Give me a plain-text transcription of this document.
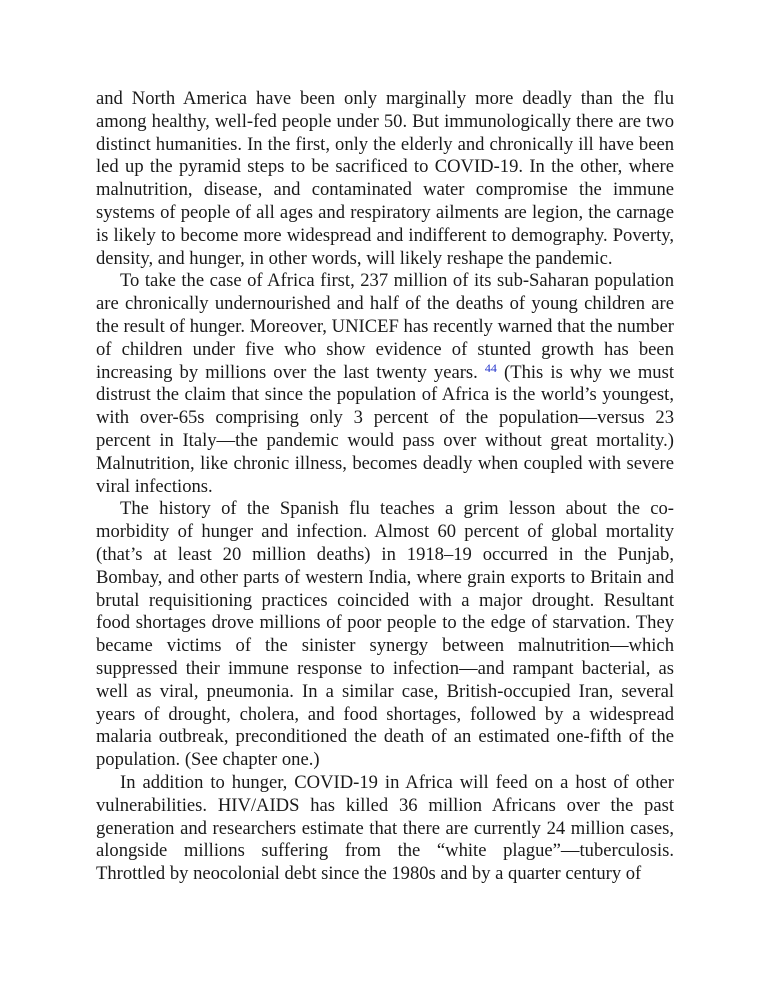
and North America have been only marginally more deadly than the flu among healthy, well-fed people under 50. But immunologically there are two distinct humanities. In the first, only the elderly and chronically ill have been led up the pyramid steps to be sacrificed to COVID-19. In the other, where malnutrition, disease, and contaminated water compromise the immune systems of people of all ages and respiratory ailments are legion, the carnage is likely to become more widespread and indifferent to demography. Poverty, density, and hunger, in other words, will likely reshape the pandemic.

To take the case of Africa first, 237 million of its sub-Saharan population are chronically undernourished and half of the deaths of young children are the result of hunger. Moreover, UNICEF has recently warned that the number of children under five who show evidence of stunted growth has been increasing by millions over the last twenty years. $^{44}$ (This is why we must distrust the claim that since the population of Africa is the world’s youngest, with over-65s comprising only 3 percent of the population—versus 23 percent in Italy—the pandemic would pass over without great mortality.) Malnutrition, like chronic illness, becomes deadly when coupled with severe viral infections.

The history of the Spanish flu teaches a grim lesson about the co-morbidity of hunger and infection. Almost 60 percent of global mortality (that’s at least 20 million deaths) in 1918–19 occurred in the Punjab, Bombay, and other parts of western India, where grain exports to Britain and brutal requisitioning practices coincided with a major drought. Resultant food shortages drove millions of poor people to the edge of starvation. They became victims of the sinister synergy between malnutrition—which suppressed their immune response to infection—and rampant bacterial, as well as viral, pneumonia. In a similar case, British-occupied Iran, several years of drought, cholera, and food shortages, followed by a widespread malaria outbreak, preconditioned the death of an estimated one-fifth of the population. (See chapter one.)

In addition to hunger, COVID-19 in Africa will feed on a host of other vulnerabilities. HIV/AIDS has killed 36 million Africans over the past generation and researchers estimate that there are currently 24 million cases, alongside millions suffering from the “white plague”—tuberculosis. Throttled by neocolonial debt since the 1980s and by a quarter century of
